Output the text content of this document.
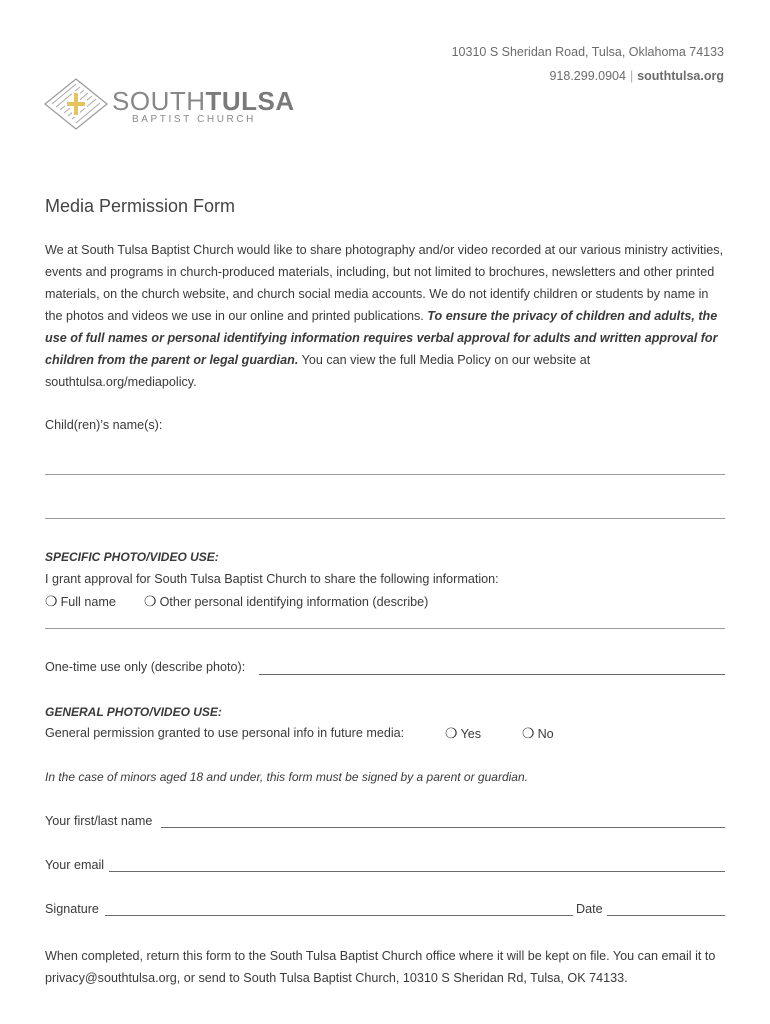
10310 S Sheridan Road, Tulsa, Oklahoma 74133
918.299.0904 | southtulsa.org
SOUTHTULSA
BAPTIST CHURCH
Media Permission Form
We at South Tulsa Baptist Church would like to share photography and/or video recorded at our various ministry activities, events and programs in church-produced materials, including, but not limited to brochures, newsletters and other printed materials, on the church website, and church social media accounts. We do not identify children or students by name in the photos and videos we use in our online and printed publications. To ensure the privacy of children and adults, the use of full names or personal identifying information requires verbal approval for adults and written approval for children from the parent or legal guardian. You can view the full Media Policy on our website at southtulsa.org/mediapolicy.
Child(ren)’s name(s):
SPECIFIC PHOTO/VIDEO USE:
I grant approval for South Tulsa Baptist Church to share the following information:
❍ Full name ❍ Other personal identifying information (describe)
One-time use only (describe photo):
GENERAL PHOTO/VIDEO USE:
General permission granted to use personal info in future media:	❍ Yes	❍ No
In the case of minors aged 18 and under, this form must be signed by a parent or guardian.
Your first/last name
Your email
Signature	Date
When completed, return this form to the South Tulsa Baptist Church office where it will be kept on file. You can email it to privacy@southtulsa.org, or send to South Tulsa Baptist Church, 10310 S Sheridan Rd, Tulsa, OK 74133.
